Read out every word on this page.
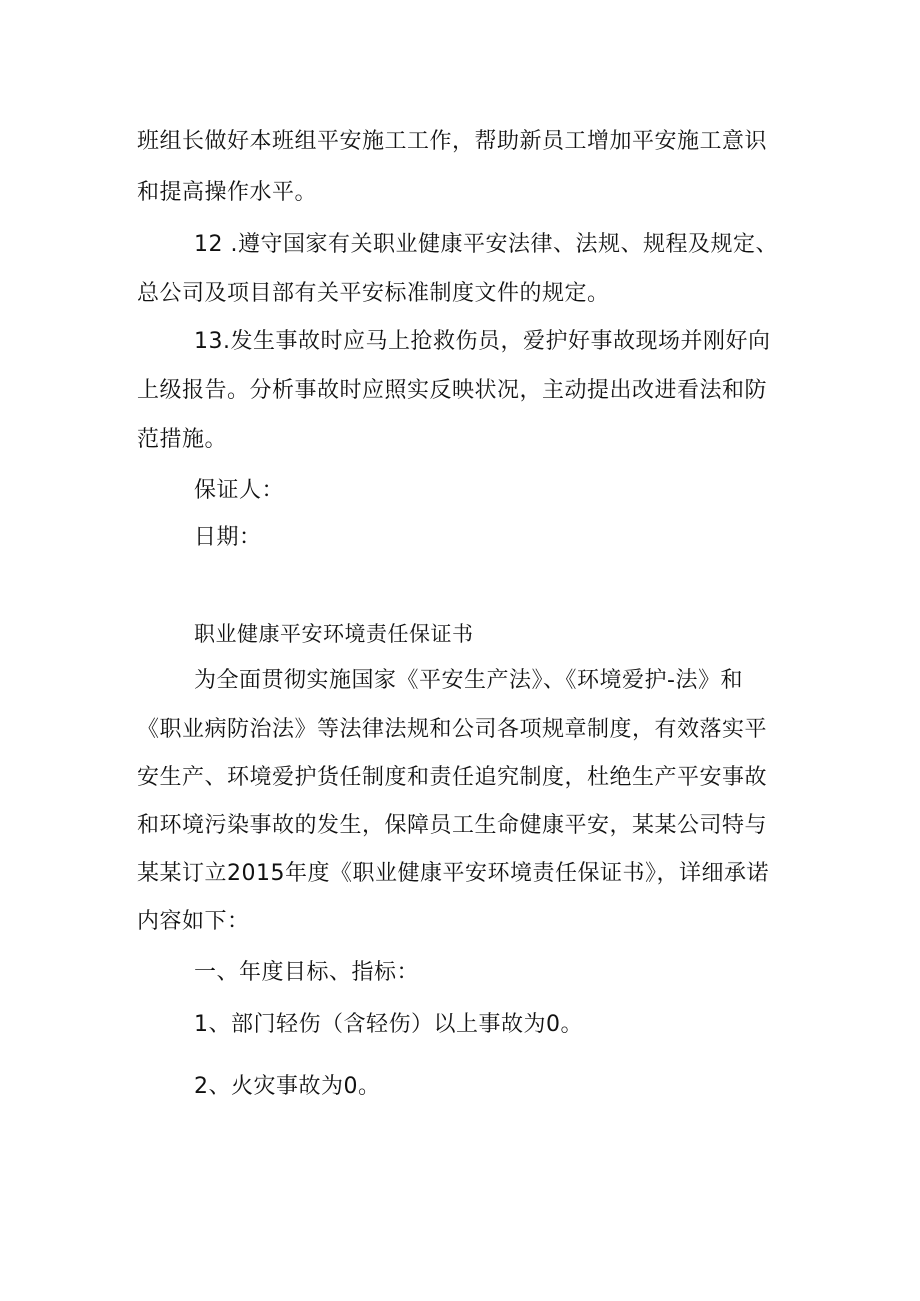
班组长做好本班组平安施工工作，帮助新员工增加平安施工意识
和提高操作水平。
12 .遵守国家有关职业健康平安法律、法规、规程及规定、
总公司及项目部有关平安标准制度文件的规定。
13.发生事故时应马上抢救伤员，爱护好事故现场并刚好向
上级报告。分析事故时应照实反映状况，主动提出改进看法和防
范措施。
保证人：
日期：
职业健康平安环境责任保证书
为全面贯彻实施国家《平安生产法》、《环境爱护-法》和
《职业病防治法》等法律法规和公司各项规章制度，有效落实平
安生产、环境爱护货任制度和责任追究制度，杜绝生产平安事故
和环境污染事故的发生，保障员工生命健康平安，某某公司特与
某某订立2015年度《职业健康平安环境责任保证书》，详细承诺
内容如下：
一、年度目标、指标：
1、部门轻伤（含轻伤）以上事故为0。
2、火灾事故为0。
